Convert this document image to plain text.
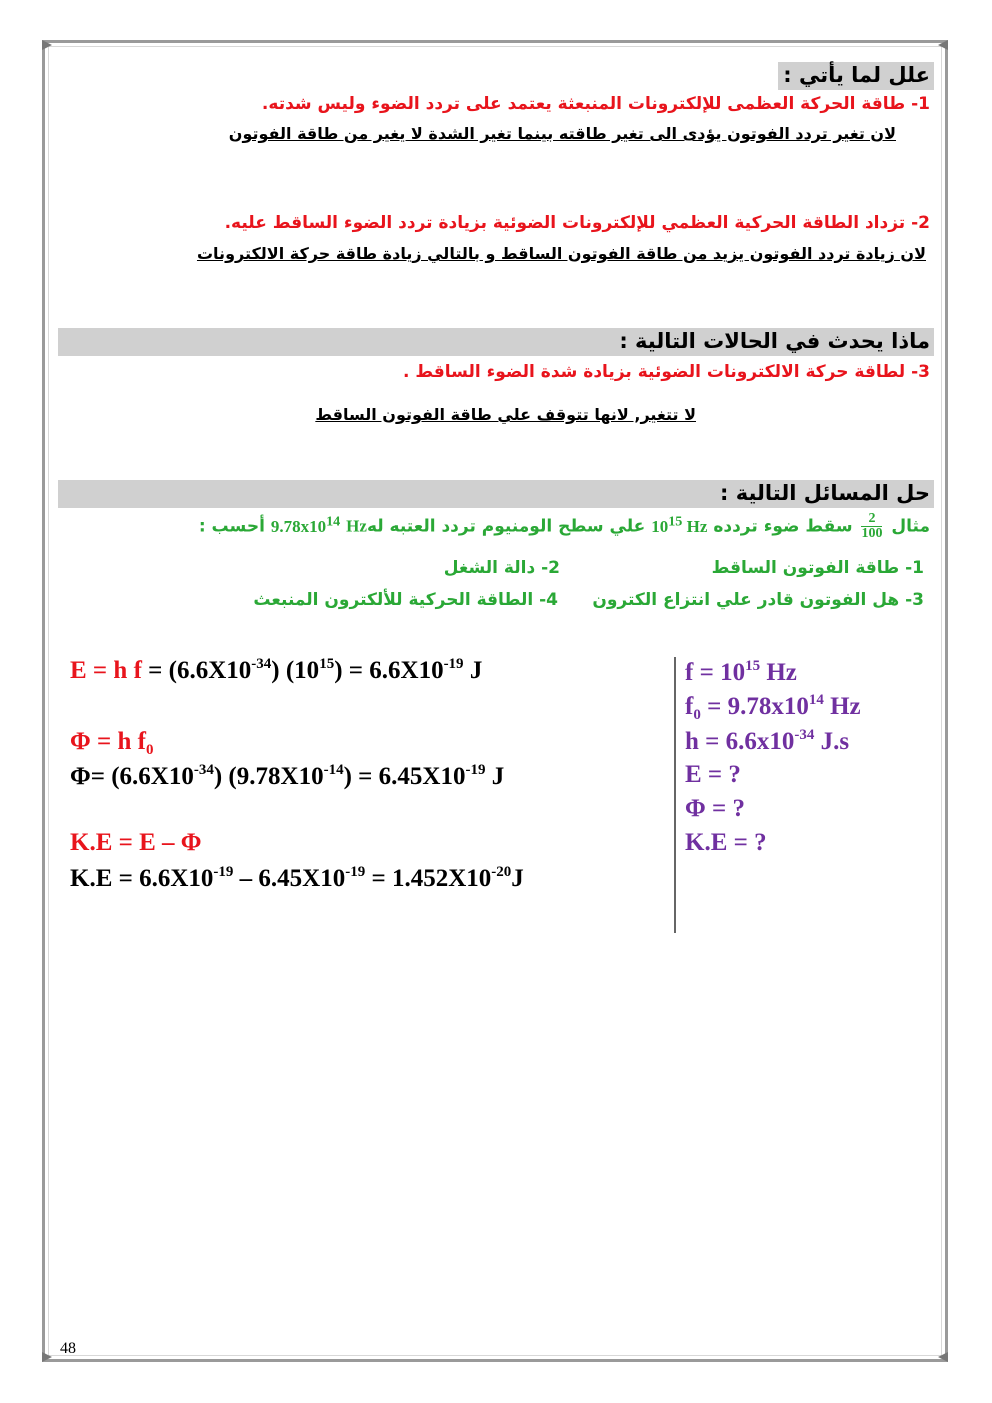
علل لما يأتي :
1- طاقة الحركة العظمى للإلكترونات المنبعثة يعتمد على تردد الضوء وليس شدته.
لان تغير تردد الفوتون يؤدى الى تغير طاقته بينما تغير الشدة لا يغير من طاقة الفوتون
2- تزداد الطاقة الحركية العظمي للإلكترونات الضوئية بزيادة تردد الضوء الساقط عليه.
لان زيادة تردد الفوتون يزيد من طاقة الفوتون الساقط و بالتالي زيادة طاقة حركة الالكترونات
ماذا يحدث في الحالات التالية :
3- لطاقة حركة الالكترونات الضوئية بزيادة شدة الضوء الساقط .
لا تتغير, لانها تتوقف علي طاقة الفوتون الساقط
حل المسائل التالية :
مثال
$\frac{2}{100}$
سقط ضوء تردده $10^{15}$ Hz علي سطح الومنيوم تردد العتبه لهHz $9.78x10^{14}$ أحسب :
1- طاقة الفوتون الساقط
2- دالة الشغل
3- هل الفوتون قادر علي انتزاع الكترون
4- الطاقة الحركية للألكترون المنبعث
E = h $f = (6.6X10^{-34}) (10^{15}) = 6.6X10^{-19}$ J
Φ = h $f_0$
$\Phi= (6.6X10^{-34}) (9.78X10^{-14}) = 6.45X10^{-19}$ J
K.E = E – Φ
$K.E = 6.6X10^{-19} - 6.45X10^{-19} = 1.452X10^{-20}J$
$f = 10^{15}$ Hz
$f_0 = 9.78x10^{14}$ Hz
$h = 6.6x10^{-34}$ J.s
E = ?
Φ = ?
K.E = ?
48
